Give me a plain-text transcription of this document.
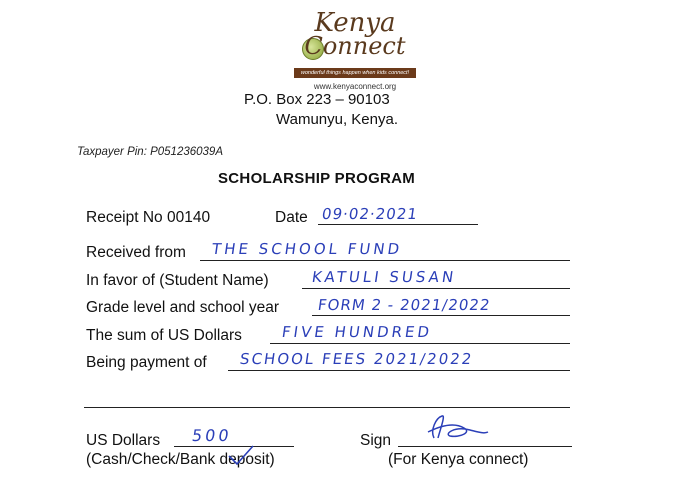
Kenya
Connect
wonderful things happen when kids connect!
www.kenyaconnect.org
P.O. Box 223 – 90103
Wamunyu, Kenya.
Taxpayer Pin: P051236039A
SCHOLARSHIP PROGRAM
Receipt No 00140	Date 09·02·2021
Received from THE SCHOOL FUND
In favor of (Student Name)	KATULI SUSAN
Grade level and school year	FORM 2 - 2021/2022
The sum of US Dollars	FIVE HUNDRED
Being payment of SCHOOL FEES 2021/2022
US Dollars 500
(Cash/Check/Bank deposit)
Sign
(For Kenya connect)
